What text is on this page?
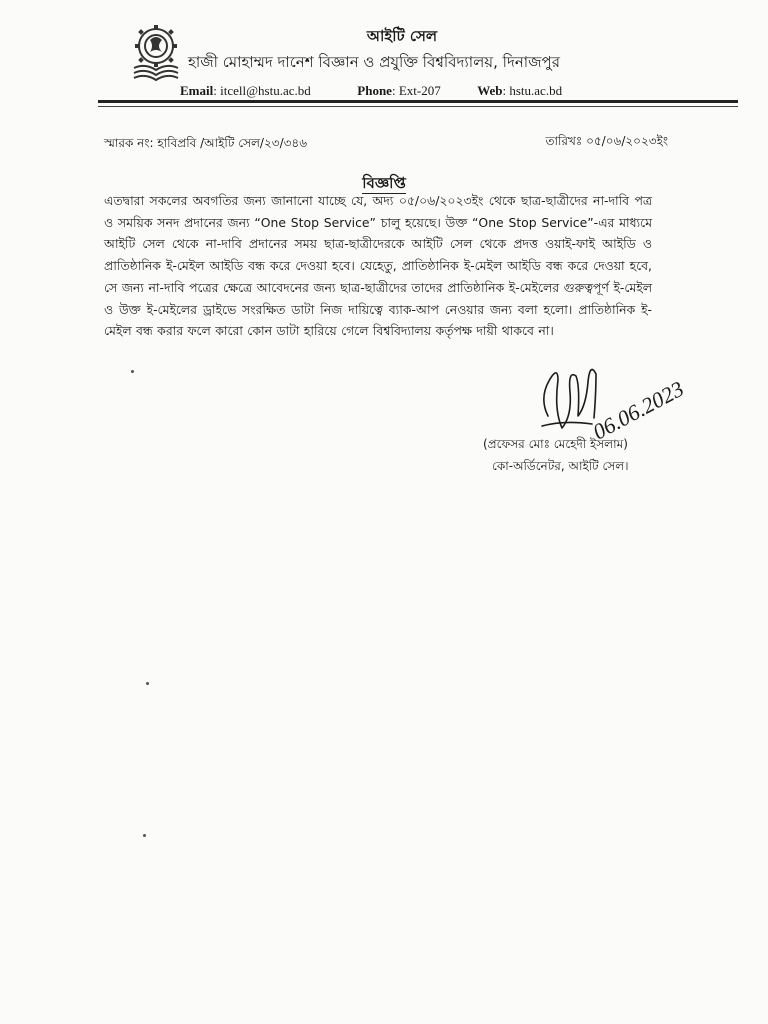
আইটি সেল
হাজী মোহাম্মদ দানেশ বিজ্ঞান ও প্রযুক্তি বিশ্ববিদ্যালয়, দিনাজপুর
Email: itcell@hstu.ac.bd	Phone: Ext-207	Web: hstu.ac.bd
স্মারক নং: হাবিপ্রবি /আইটি সেল/২৩/৩৪৬	তারিখঃ ০৫/০৬/২০২৩ইং
বিজ্ঞপ্তি
এতদ্বারা সকলের অবগতির জন্য জানানো যাচ্ছে যে, অদ্য ০৫/০৬/২০২৩ইং থেকে ছাত্র-ছাত্রীদের না-দাবি পত্র ও সময়িক সনদ প্রদানের জন্য “One Stop Service” চালু হয়েছে। উক্ত “One Stop Service”-এর মাধ্যমে আইটি সেল থেকে না-দাবি প্রদানের সময় ছাত্র-ছাত্রীদেরকে আইটি সেল থেকে প্রদত্ত ওয়াই-ফাই আইডি ও প্রাতিষ্ঠানিক ই-মেইল আইডি বন্ধ করে দেওয়া হবে। যেহেতু, প্রাতিষ্ঠানিক ই-মেইল আইডি বন্ধ করে দেওয়া হবে, সে জন্য না-দাবি পত্রের ক্ষেত্রে আবেদনের জন্য ছাত্র-ছাত্রীদের তাদের প্রাতিষ্ঠানিক ই-মেইলের গুরুত্বপূর্ণ ই-মেইল ও উক্ত ই-মেইলের ড্রাইভে সংরক্ষিত ডাটা নিজ দায়িত্বে ব্যাক-আপ নেওয়ার জন্য বলা হলো। প্রাতিষ্ঠানিক ই-মেইল বন্ধ করার ফলে কারো কোন ডাটা হারিয়ে গেলে বিশ্ববিদ্যালয় কর্তৃপক্ষ দায়ী থাকবে না।
06.06.2023
(প্রফেসর মোঃ মেহেদী ইসলাম)
কো-অর্ডিনেটর, আইটি সেল।
